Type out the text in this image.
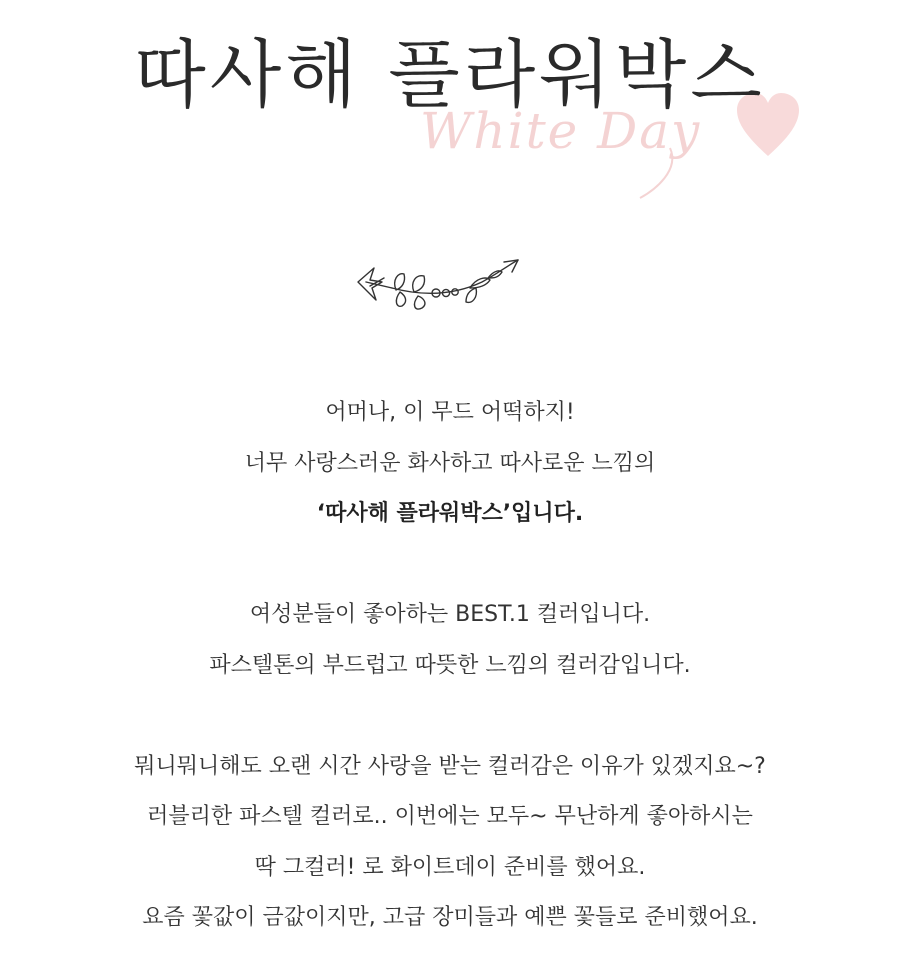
White Day
따사해 플라워박스
어머나, 이 무드 어떡하지!
너무 사랑스러운 화사하고 따사로운 느낌의
‘따사해 플라워박스’입니다.
여성분들이 좋아하는 BEST.1 컬러입니다.
파스텔톤의 부드럽고 따뜻한 느낌의 컬러감입니다.
뭐니뭐니해도 오랜 시간 사랑을 받는 컬러감은 이유가 있겠지요~?
러블리한 파스텔 컬러로.. 이번에는 모두~ 무난하게 좋아하시는
딱 그컬러! 로 화이트데이 준비를 했어요.
요즘 꽃값이 금값이지만, 고급 장미들과 예쁜 꽃들로 준비했어요.
